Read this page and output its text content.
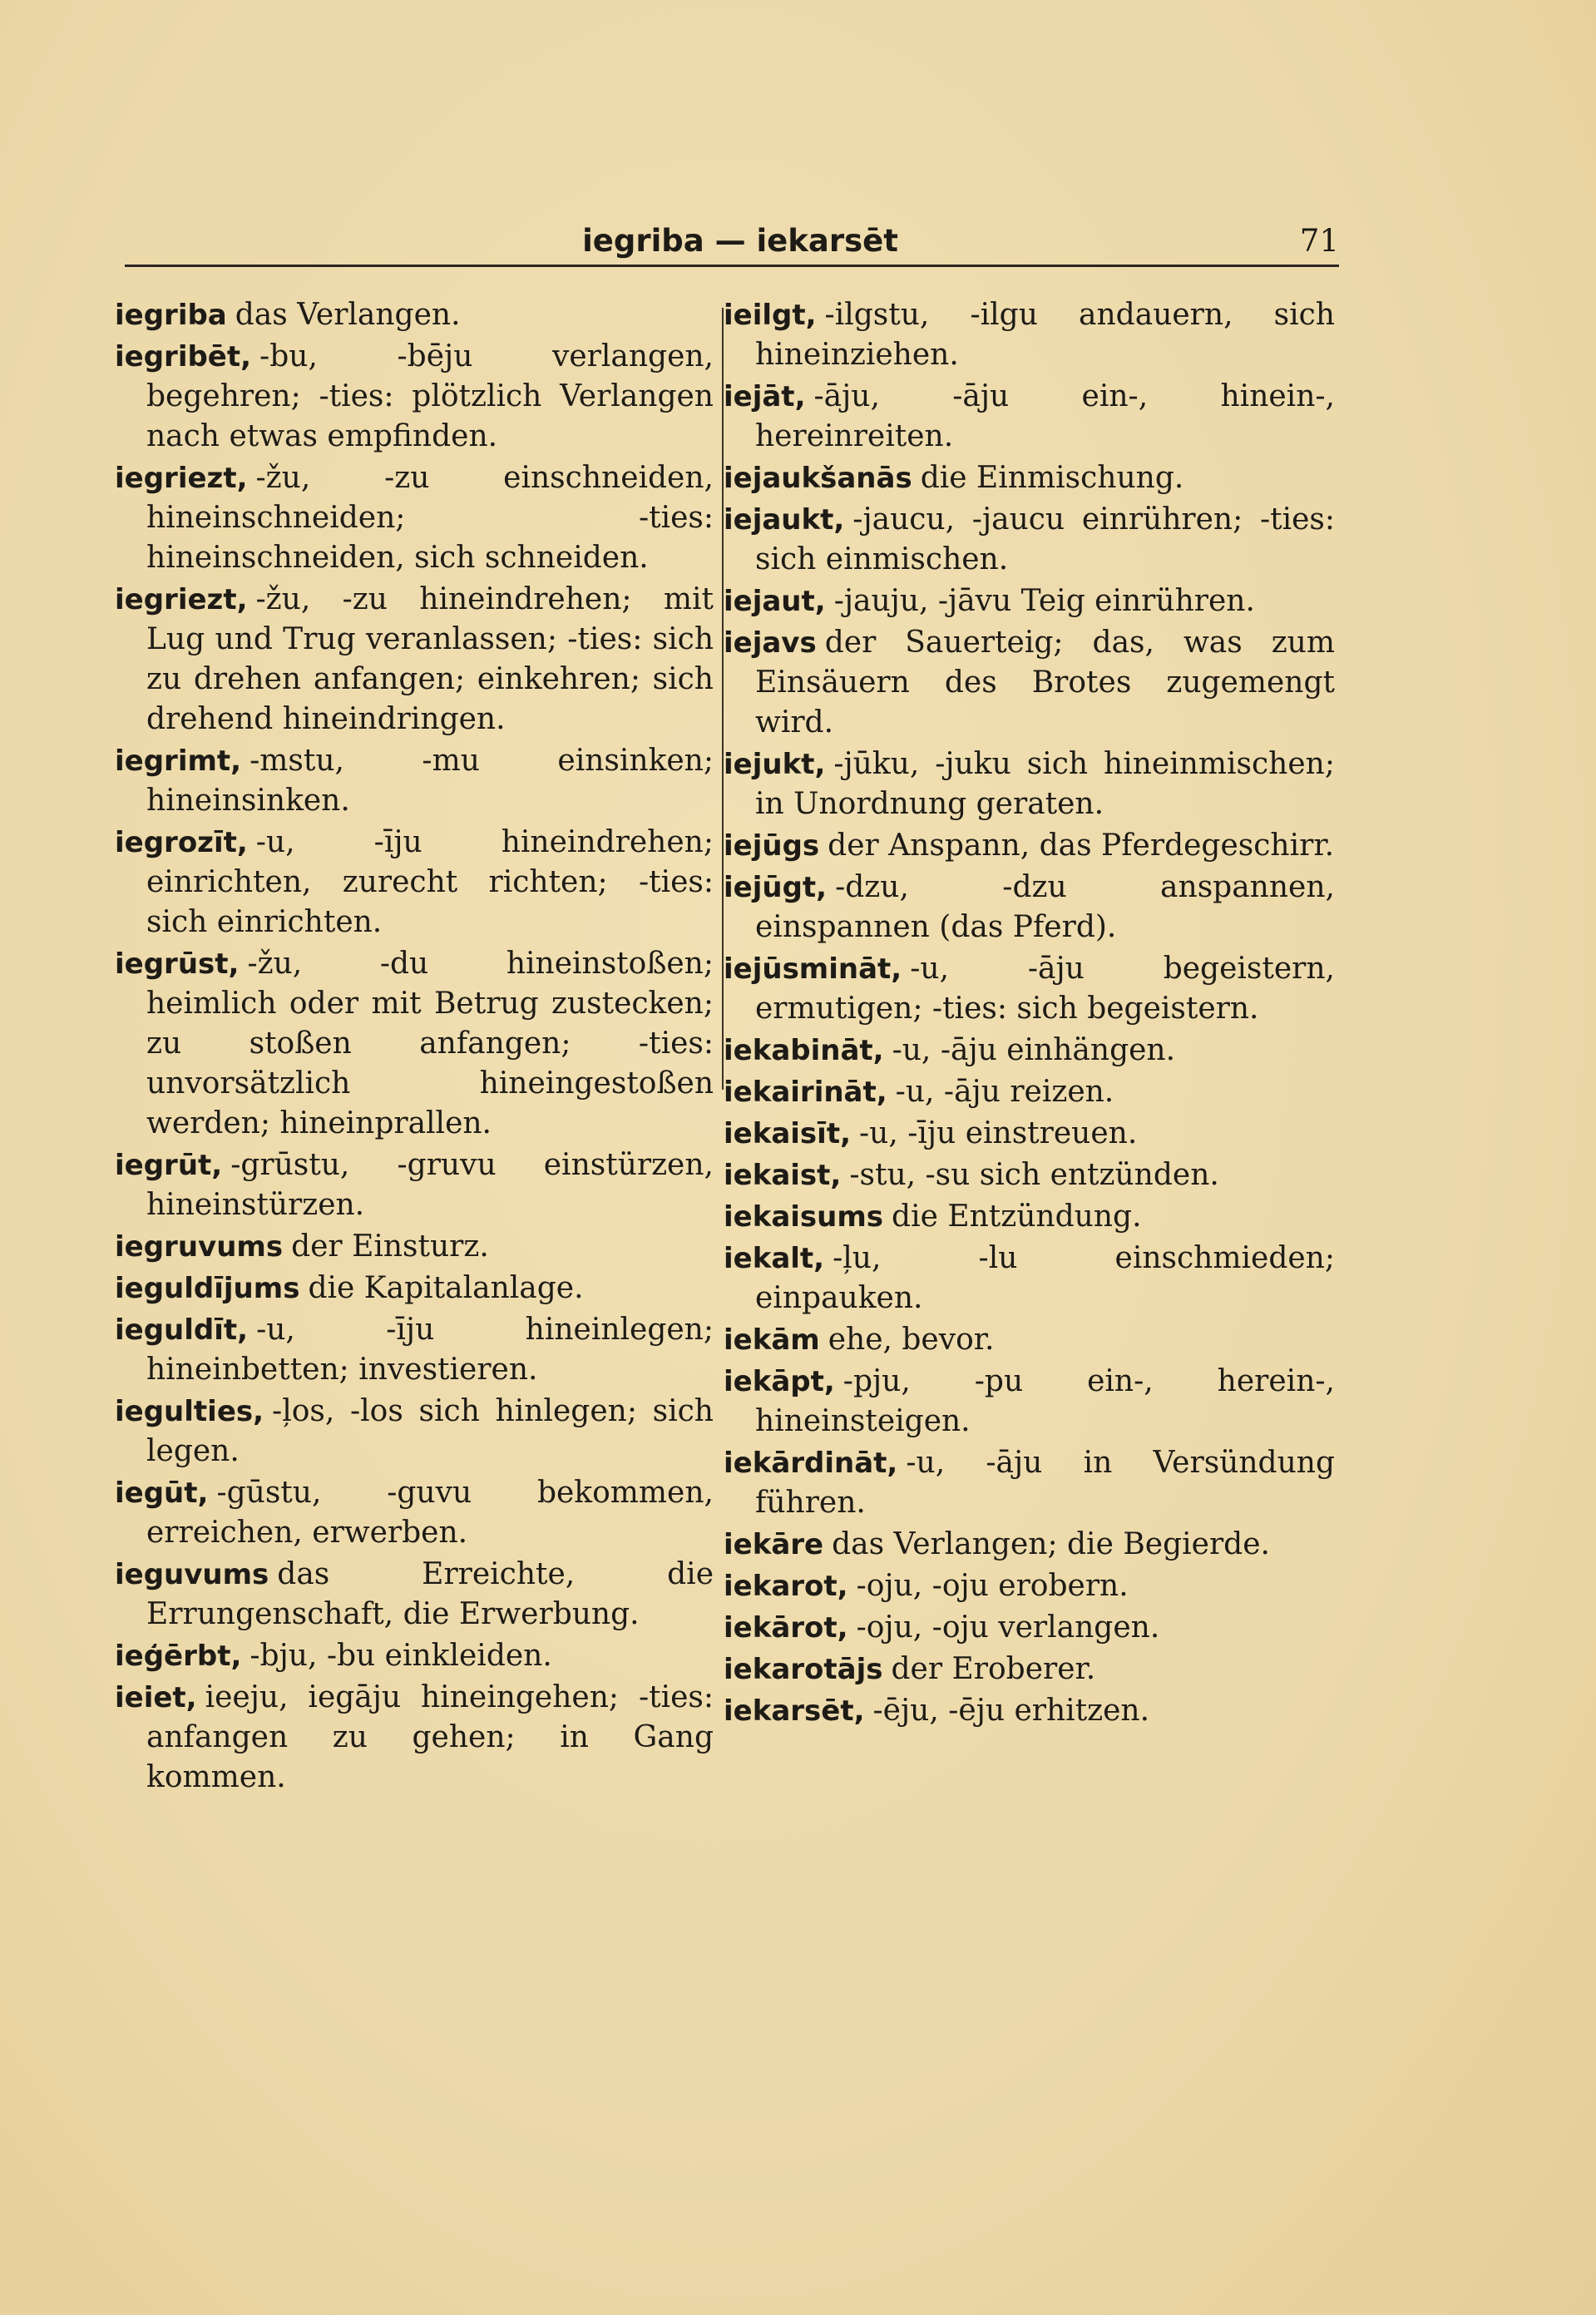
iegriba — iekarsēt	71
iegriba das Verlangen.
iegribēt, -bu, -bēju verlangen, begehren; -ties: plötzlich Verlangen nach etwas empfinden.
iegriezt, -žu, -zu einschneiden, hineinschneiden; -ties: hineinschneiden, sich schneiden.
iegriezt, -žu, -zu hineindrehen; mit Lug und Trug veranlassen; -ties: sich zu drehen anfangen; einkehren; sich drehend hineindringen.
iegrimt, -mstu, -mu einsinken; hineinsinken.
iegrozīt, -u, -īju hineindrehen; einrichten, zurecht richten; -ties: sich einrichten.
iegrūst, -žu, -du hineinstoßen; heimlich oder mit Betrug zustecken; zu stoßen anfangen; -ties: unvorsätzlich hineingestoßen werden; hineinprallen.
iegrūt, -grūstu, -gruvu einstürzen, hineinstürzen.
iegruvums der Einsturz.
ieguldījums die Kapitalanlage.
ieguldīt, -u, -īju hineinlegen; hineinbetten; investieren.
iegulties, -ļos, -los sich hinlegen; sich legen.
iegūt, -gūstu, -guvu bekommen, erreichen, erwerben.
ieguvums das Erreichte, die Errungenschaft, die Erwerbung.
ieģērbt, -bju, -bu einkleiden.
ieiet, ieeju, iegāju hineingehen; -ties: anfangen zu gehen; in Gang kommen.
ieilgt, -ilgstu, -ilgu andauern, sich hineinziehen.
iejāt, -āju, -āju ein-, hinein-, hereinreiten.
iejaukšanās die Einmischung.
iejaukt, -jaucu, -jaucu einrühren; -ties: sich einmischen.
iejaut, -jauju, -jāvu Teig einrühren.
iejavs der Sauerteig; das, was zum Einsäuern des Brotes zugemengt wird.
iejukt, -jūku, -juku sich hineinmischen; in Unordnung geraten.
iejūgs der Anspann, das Pferdegeschirr.
iejūgt, -dzu, -dzu anspannen, einspannen (das Pferd).
iejūsmināt, -u, -āju begeistern, ermutigen; -ties: sich begeistern.
iekabināt, -u, -āju einhängen.
iekairināt, -u, -āju reizen.
iekaisīt, -u, -īju einstreuen.
iekaist, -stu, -su sich entzünden.
iekaisums die Entzündung.
iekalt, -ļu, -lu einschmieden; einpauken.
iekām ehe, bevor.
iekāpt, -pju, -pu ein-, herein-, hineinsteigen.
iekārdināt, -u, -āju in Versündung führen.
iekāre das Verlangen; die Begierde.
iekarot, -oju, -oju erobern.
iekārot, -oju, -oju verlangen.
iekarotājs der Eroberer.
iekarsēt, -ēju, -ēju erhitzen.
